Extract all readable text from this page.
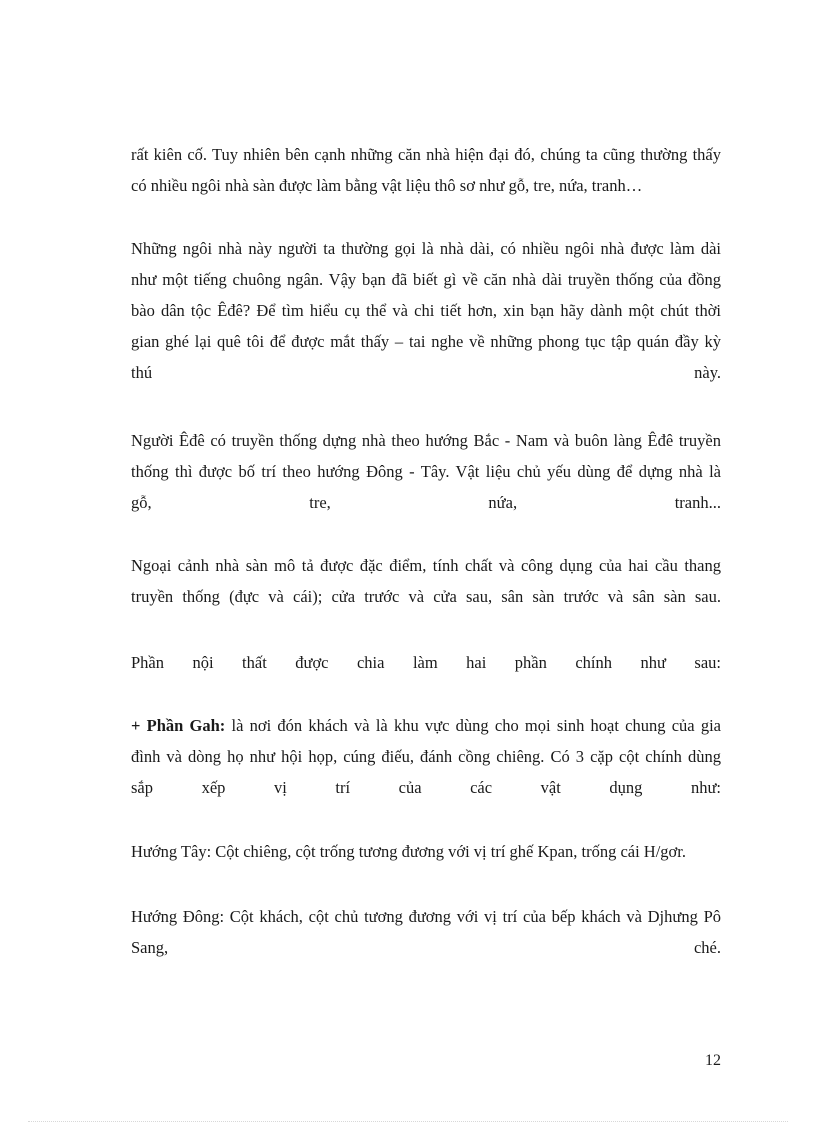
rất kiên cố. Tuy nhiên bên cạnh những căn nhà hiện đại đó, chúng ta cũng thường thấy
có nhiều ngôi nhà sàn được làm bằng vật liệu thô sơ như gỗ, tre, nứa, tranh…

Những ngôi nhà này người ta thường gọi là nhà dài, có nhiều ngôi nhà được làm dài
như một tiếng chuông ngân. Vậy bạn đã biết gì về căn nhà dài truyền thống của đồng
bào dân tộc Êđê? Để tìm hiểu cụ thể và chi tiết hơn, xin bạn hãy dành một chút thời
gian ghé lại quê tôi để được mắt thấy – tai nghe về những phong tục tập quán đầy kỳ
thú này.

Người Êđê có truyền thống dựng nhà theo hướng Bắc - Nam và buôn làng Êđê truyền
thống thì được bố trí theo hướng Đông - Tây. Vật liệu chủ yếu dùng để dựng nhà là
gỗ, tre, nứa, tranh...

Ngoại cảnh nhà sàn mô tả được đặc điểm, tính chất và công dụng của hai cầu thang
truyền thống (đực và cái); cửa trước và cửa sau, sân sàn trước và sân sàn sau.

Phần nội thất được chia làm hai phần chính như sau:

+ Phần Gah: là nơi đón khách và là khu vực dùng cho mọi sinh hoạt chung của gia
đình và dòng họ như hội họp, cúng điếu, đánh cồng chiêng. Có 3 cặp cột chính dùng
sắp xếp vị trí của các vật dụng như:

Hướng Tây: Cột chiêng, cột trống tương đương với vị trí ghế Kpan, trống cái H/gơr.

Hướng Đông: Cột khách, cột chủ tương đương với vị trí của bếp khách và Djhưng Pô
Sang, ché.

12
